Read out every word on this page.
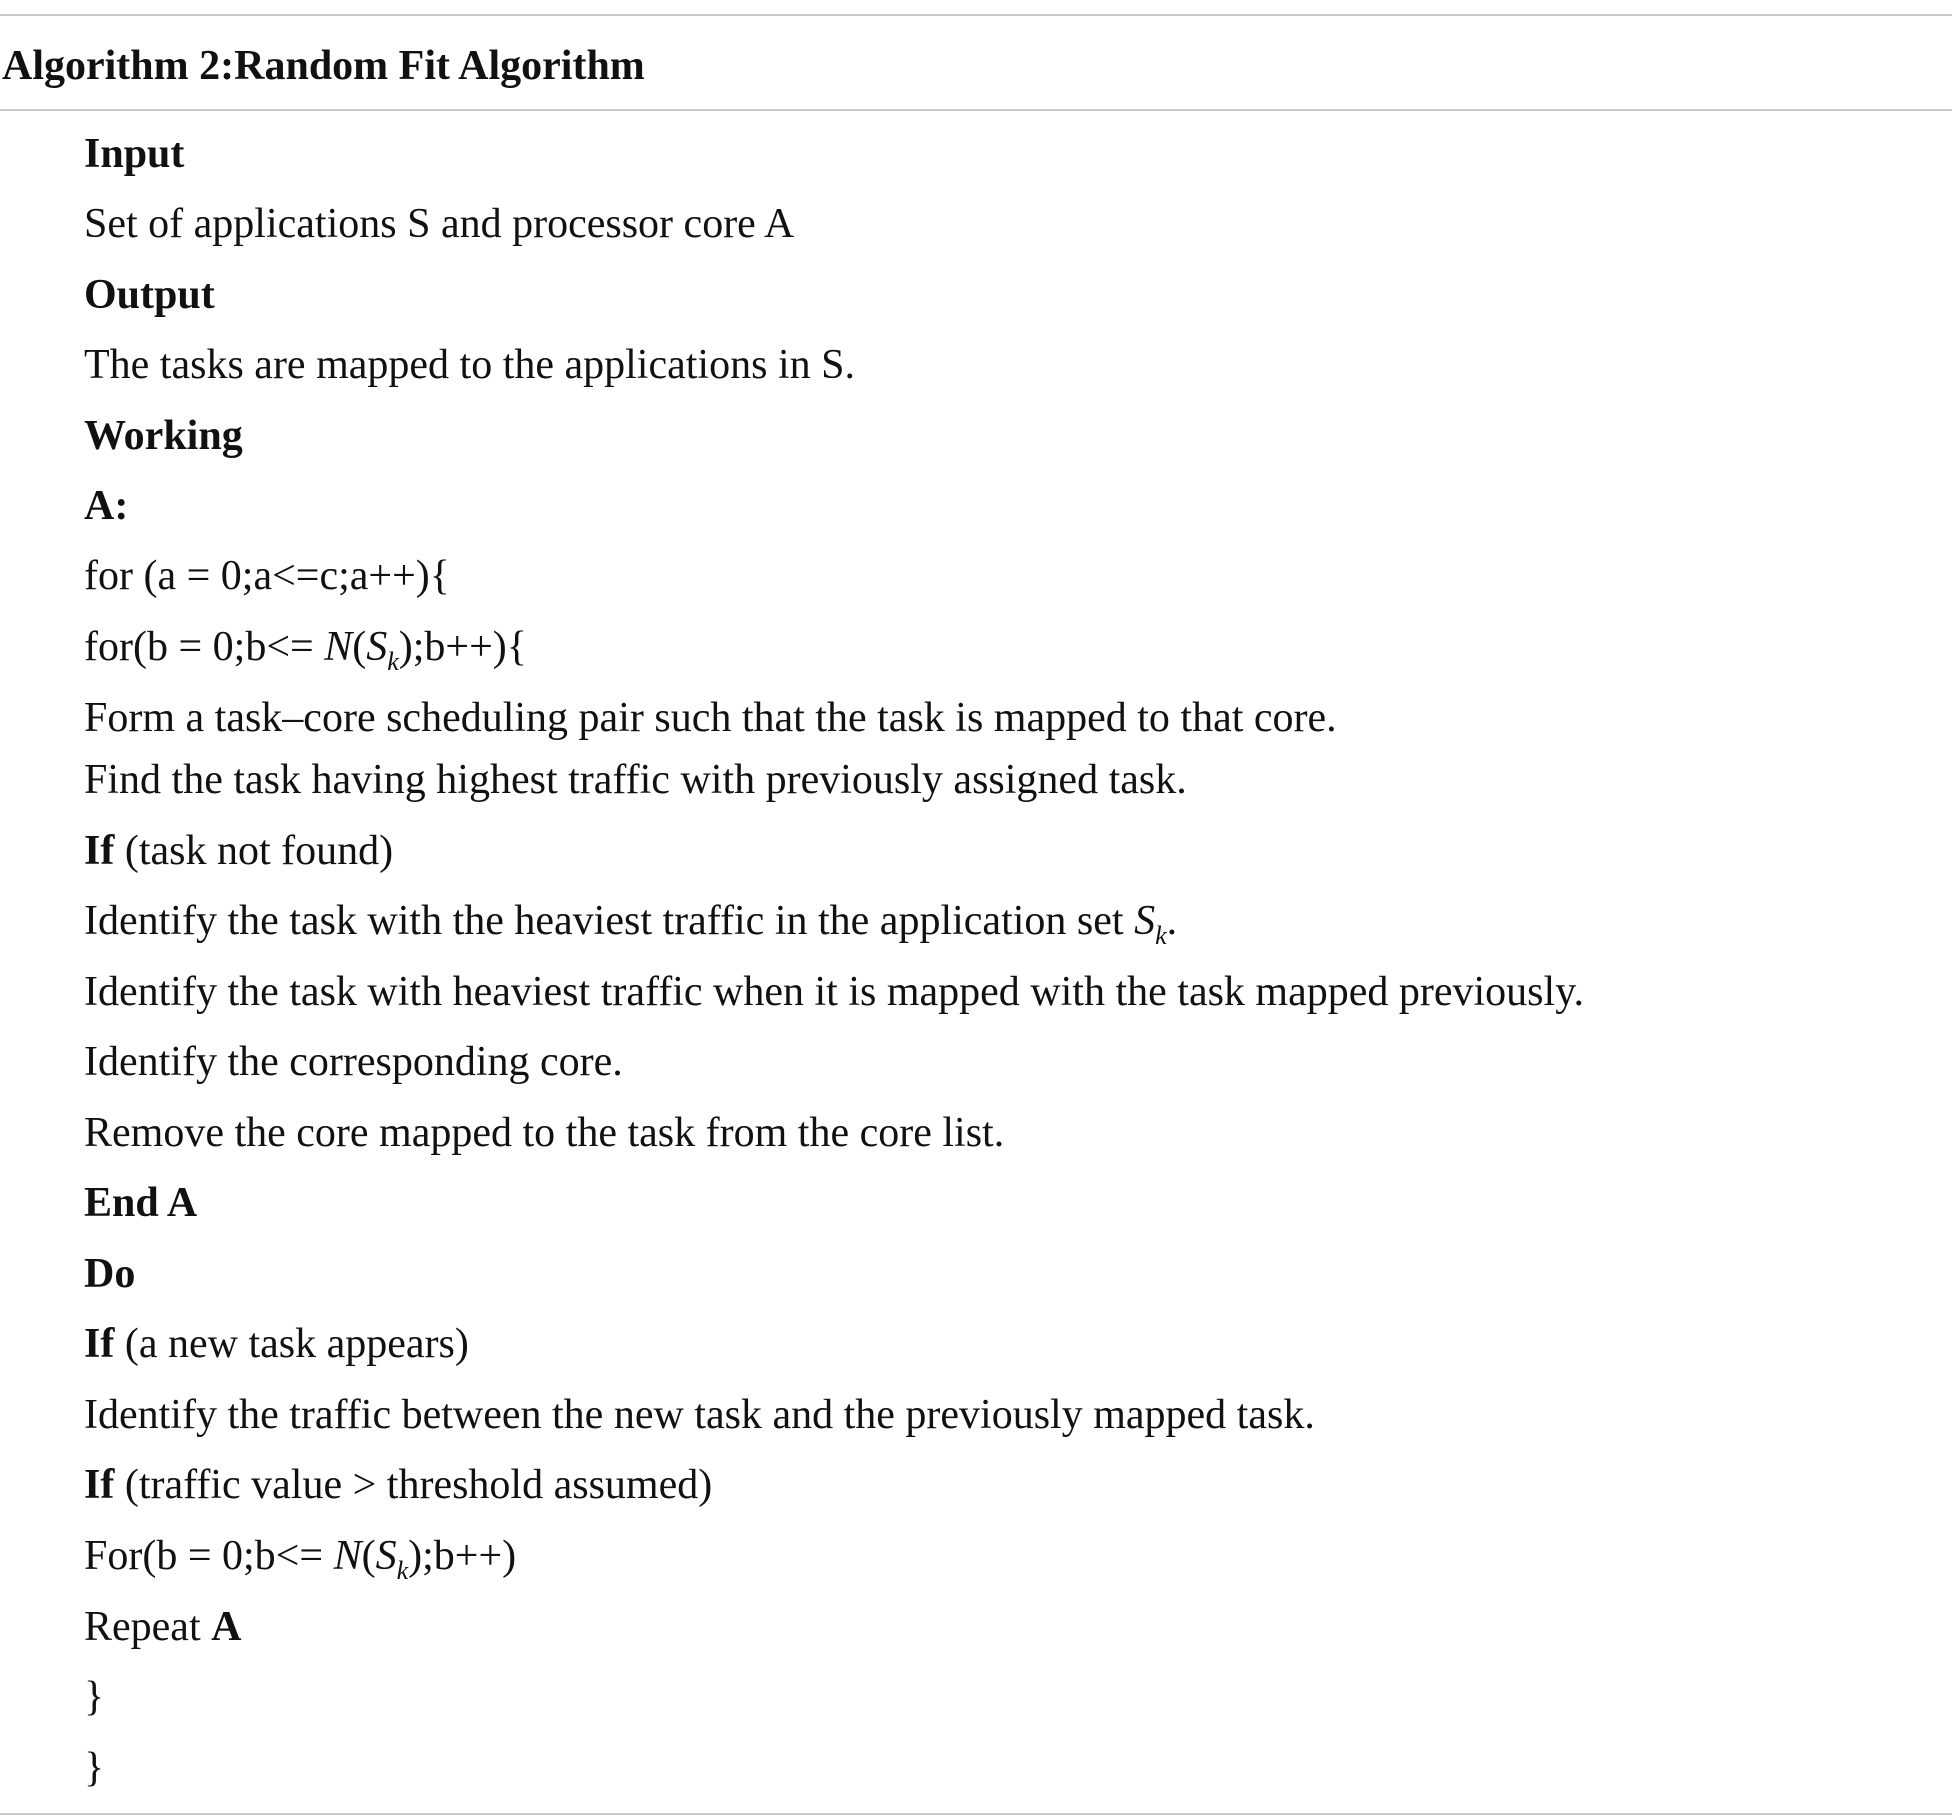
Algorithm 2:Random Fit Algorithm
Input
Set of applications S and processor core A
Output
The tasks are mapped to the applications in S.
Working
A:
for (a = 0;a<=c;a++){
for(b = 0;b<= $N(S_k);b++$){
Form a task–core scheduling pair such that the task is mapped to that core.
Find the task having highest traffic with previously assigned task.
If (task not found)
Identify the task with the heaviest traffic in the application set $S_k$.
Identify the task with heaviest traffic when it is mapped with the task mapped previously.
Identify the corresponding core.
Remove the core mapped to the task from the core list.
End A
Do
If (a new task appears)
Identify the traffic between the new task and the previously mapped task.
If (traffic value > threshold assumed)
For(b = 0;b<= $N(S_k);b++$)
Repeat A
}
}
